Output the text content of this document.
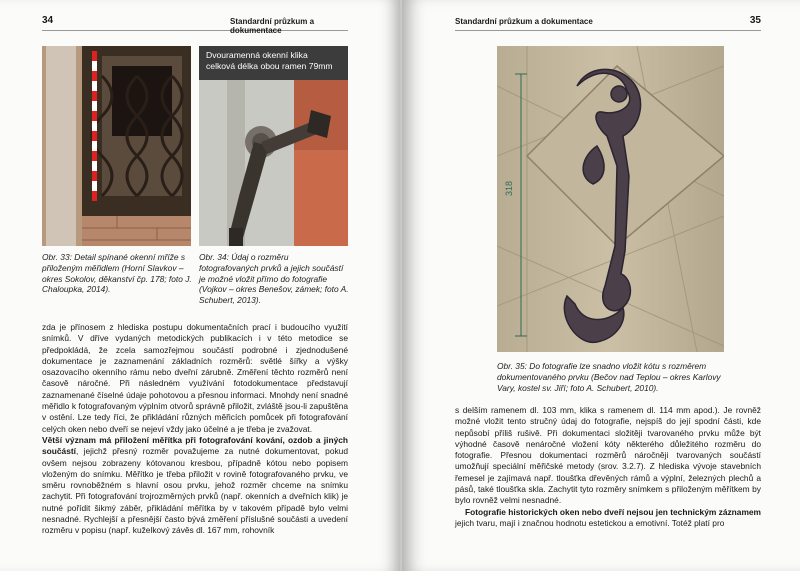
34	Standardní průzkum a dokumentace
Dvouramenná okenní klika
celková délka obou ramen 79mm
Obr. 33: Detail spínané okenní mříže s přiloženým měřidlem (Horní Slavkov – okres Sokolov, děkanství čp. 178; foto J. Chaloupka, 2014).
Obr. 34: Údaj o rozměru fotografovaných prvků a jejich součástí je možné vložit přímo do fotografie (Vojkov – okres Benešov, zámek; foto A. Schubert, 2013).

zda je přínosem z hlediska postupu dokumentačních prací i budoucího využití snímků. V dříve vydaných metodických publikacích i v této metodice se předpokládá, že zcela samozřejmou součástí podrobné i zjednodušené dokumentace je zaznamenání základních rozměrů: světlé šířky a výšky osazovacího okenního rámu nebo dveřní zárubně. Změření těchto rozměrů není časově náročné. Při následném využívání fotodokumentace představují zaznamenané číselné údaje pohotovou a přesnou informaci. Mnohdy není snadné měřidlo k fotografovaným výplním otvorů správně přiložit, zvláště jsou-li zapuštěna v ostění. Lze tedy říci, že přikládání různých měřicích pomůcek při fotografování celých oken nebo dveří se nejeví vždy jako účelné a je třeba je zvažovat.

Větší význam má přiložení měřítka při fotografování kování, ozdob a jiných součástí, jejichž přesný rozměr považujeme za nutné dokumentovat, pokud ovšem nejsou zobrazeny kótovanou kresbou, případně kótou nebo popisem vloženým do snímku. Měřítko je třeba přiložit v rovině fotografovaného prvku, ve směru rovnoběžném s hlavní osou prvku, jehož rozměr chceme na snímku zachytit. Při fotografování trojrozměrných prvků (např. okenních a dveřních klik) je nutné pořídit šikmý záběr, přikládání měřítka by v takovém případě bylo velmi nesnadné. Rychlejší a přesnější často bývá změření příslušné součásti a uvedení rozměru v popisu (např. kuželkový závěs dl. 167 mm, rohovník

Standardní průzkum a dokumentace	35
318
Obr. 35: Do fotografie lze snadno vložit kótu s rozměrem dokumentovaného prvku (Bečov nad Teplou – okres Karlovy Vary, kostel sv. Jiří; foto A. Schubert, 2010).

s delším ramenem dl. 103 mm, klika s ramenem dl. 114 mm apod.). Je rovněž možné vložit tento stručný údaj do fotografie, nejspíš do její spodní části, kde nepůsobí příliš rušivě. Při dokumentaci složitěji tvarovaného prvku může být výhodné časově nenáročné vložení kóty některého důležitého rozměru do fotografie. Přesnou dokumentaci rozměrů náročněji tvarovaných součástí umožňují speciální měřičské metody (srov. 3.2.7). Z hlediska vývoje stavebních řemesel je zajímavá např. tloušťka dřevěných rámů a výplní, železných plechů a pásů, také tloušťka skla. Zachytit tyto rozměry snímkem s přiloženým měřítkem by bylo rovněž velmi nesnadné.

Fotografie historických oken nebo dveří nejsou jen technickým záznamem jejich tvaru, mají i značnou hodnotu estetickou a emotivní. Totéž platí pro
